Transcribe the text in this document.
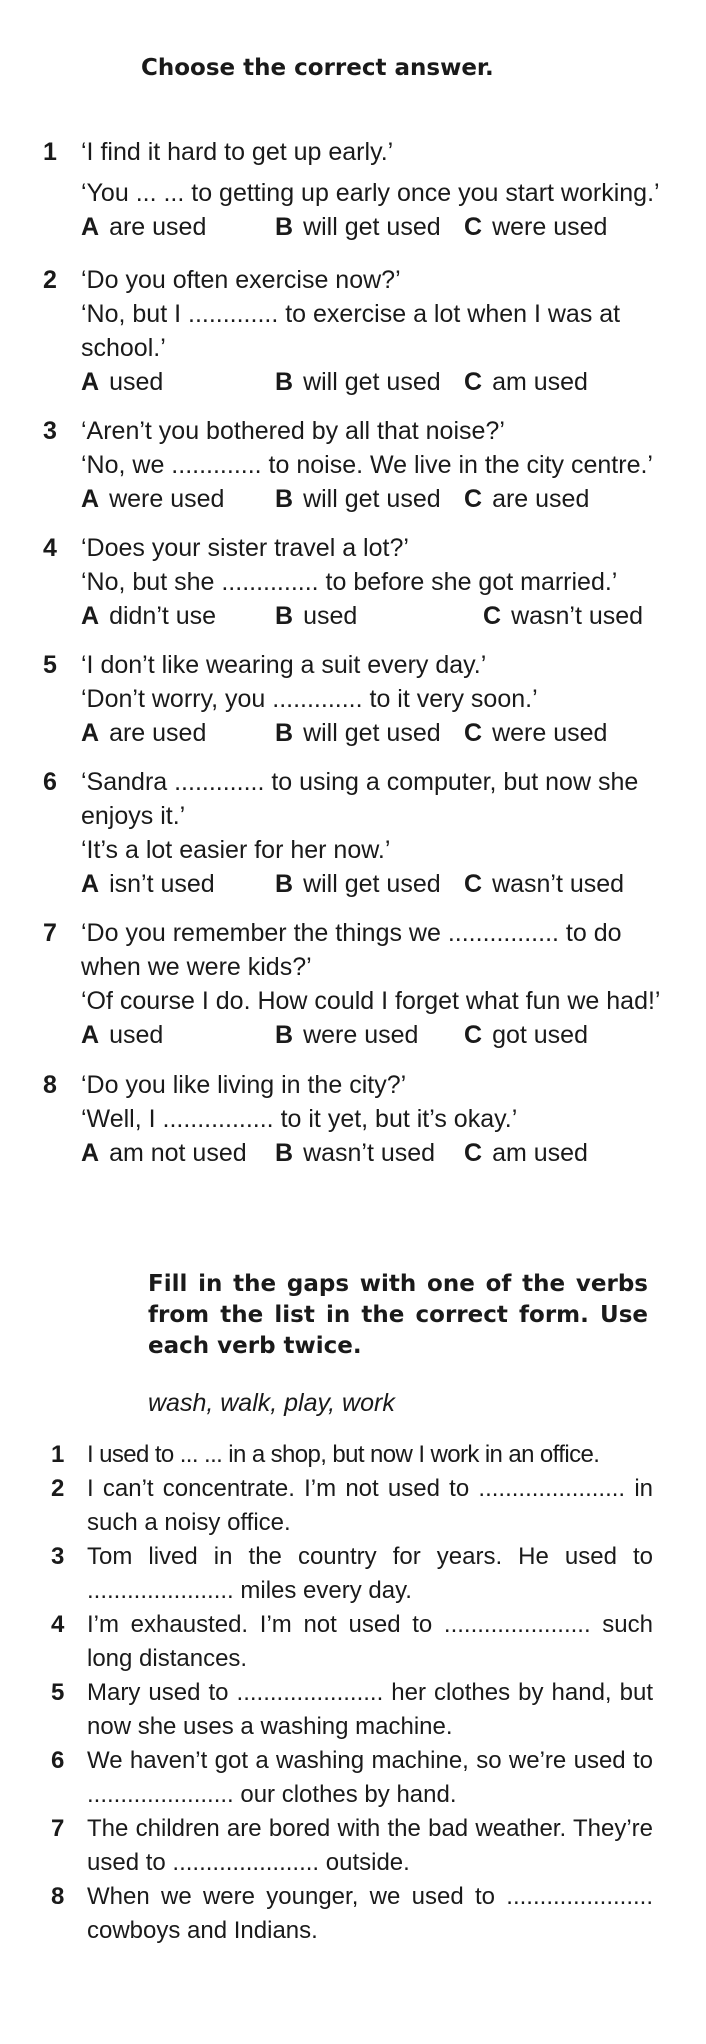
Choose the correct answer.
1 ‘I find it hard to get up early.’
‘You ... ... to getting up early once you start working.’
A are used	B will get used C were used
2 ‘Do you often exercise now?’
‘No, but I ............. to exercise a lot when I was at
school.’
A used	B will get used C am used
3 ‘Aren’t you bothered by all that noise?’
‘No, we ............. to noise. We live in the city centre.’
A were used B will get used C are used
4 ‘Does your sister travel a lot?’
‘No, but she .............. to before she got married.’
A didn’t use B used	C wasn’t used
5 ‘I don’t like wearing a suit every day.’
‘Don’t worry, you ............. to it very soon.’
A are used	B will get used C were used
6 ‘Sandra ............. to using a computer, but now she
enjoys it.’
‘It’s a lot easier for her now.’
A isn’t used B will get used C wasn’t used
7 ‘Do you remember the things we ................ to do
when we were kids?’
‘Of course I do. How could I forget what fun we had!’
A used	B were used C got used
8 ‘Do you like living in the city?’
‘Well, I ................ to it yet, but it’s okay.’
A am not used B wasn’t used C am used
Fill in the gaps with one of the verbs from the list in the correct form. Use each verb twice.

wash, walk, play, work

1 I used to ... ... in a shop, but now I work in an office.
2 I can’t concentrate. I’m not used to ...................... in such a noisy office.
3 Tom lived in the country for years. He used to ...................... miles every day.
4 I’m exhausted. I’m not used to ...................... such long distances.
5 Mary used to ...................... her clothes by hand, but now she uses a washing machine.
6 We haven’t got a washing machine, so we’re used to ...................... our clothes by hand.
7 The children are bored with the bad weather. They’re used to ...................... outside.
8 When we were younger, we used to ...................... cowboys and Indians.
